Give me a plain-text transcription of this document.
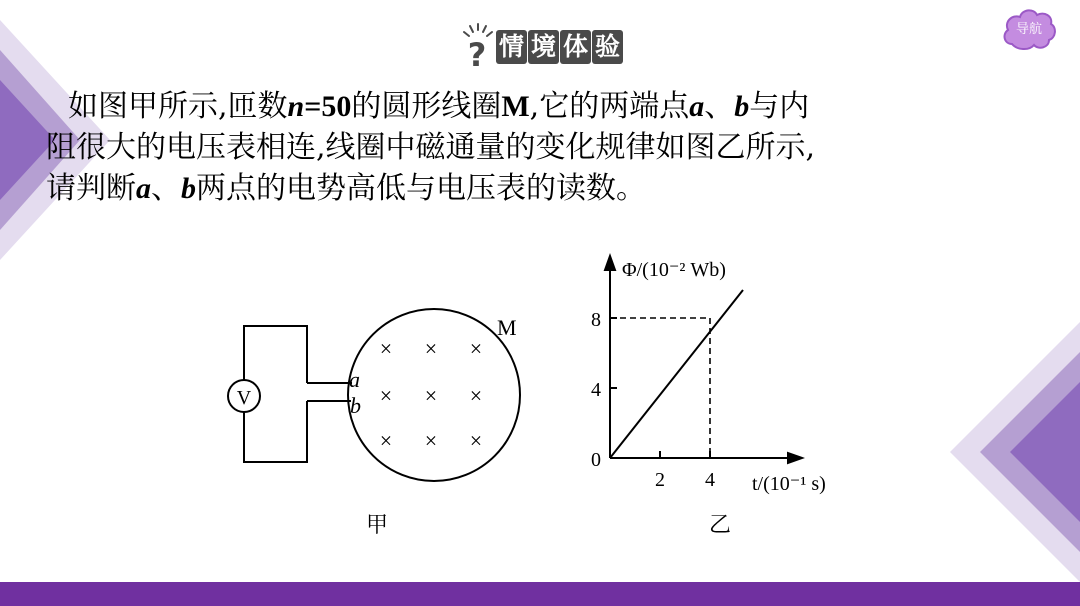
? 情 境 体 验
导航
如图甲所示,匝数n=50的圆形线圈M,它的两端点a、b与内
阻很大的电压表相连,线圈中磁通量的变化规律如图乙所示,
请判断a、b两点的电势高低与电压表的读数。
V
M
a
b
× × ×
× × ×
× × ×
甲
0
4
8
2 4
Φ/(10⁻² Wb)
t/(10⁻¹ s)
乙
